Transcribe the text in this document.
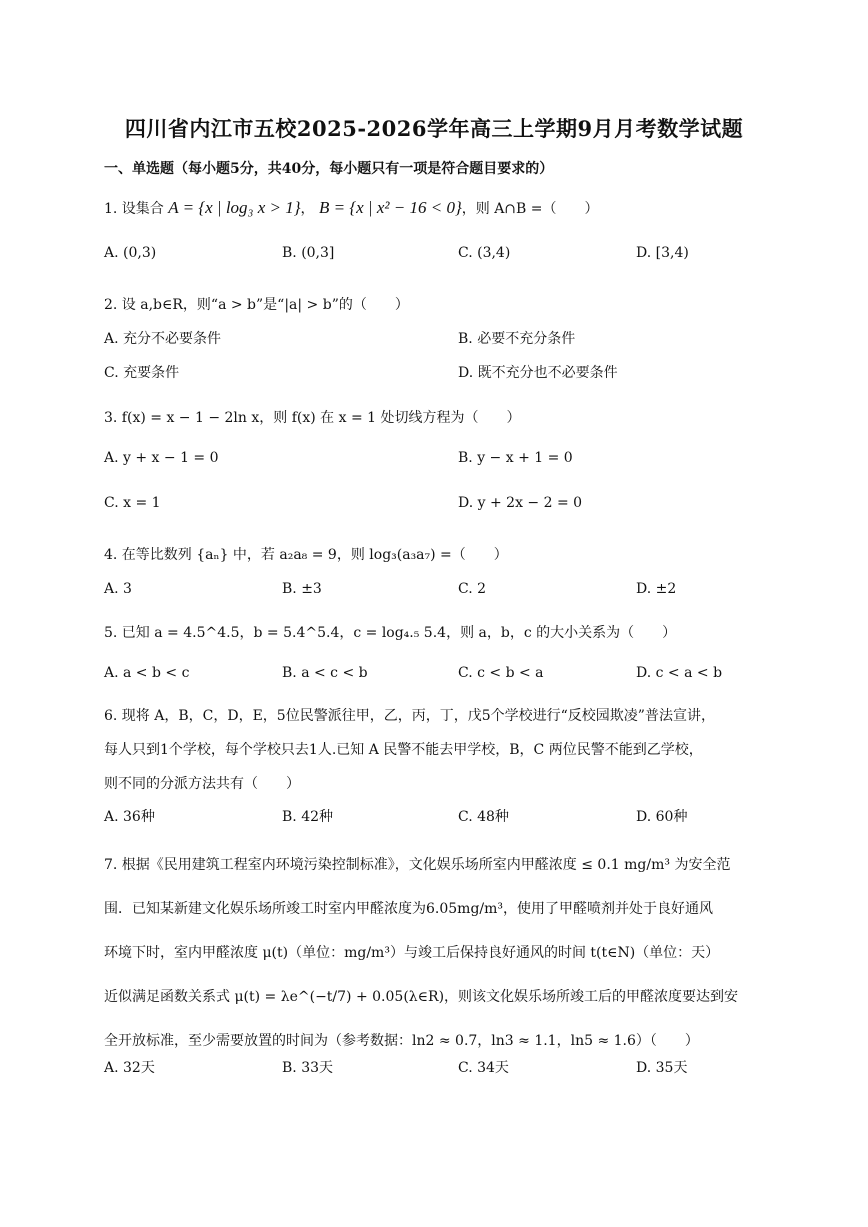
四川省内江市五校2025-2026学年高三上学期9月月考数学试题
一、单选题（每小题5分，共40分，每小题只有一项是符合题目要求的）
1. 设集合 A = {x | log₃ x > 1}， B = {x | x² − 16 < 0}，则 A∩B =（　　）
A. (0,3)	B. (0,3]	C. (3,4)	D. [3,4)
2. 设 a,b∈R，则“a > b”是“|a| > b”的（　　）
A. 充分不必要条件	B. 必要不充分条件
C. 充要条件	D. 既不充分也不必要条件
3. f(x) = x − 1 − 2ln x，则 f(x) 在 x = 1 处切线方程为（　　）
A. y + x − 1 = 0	B. y − x + 1 = 0
C. x = 1	D. y + 2x − 2 = 0
4. 在等比数列 {aₙ} 中，若 a₂a₈ = 9，则 log₃(a₃a₇) =（　　）
A. 3	B. ±3	C. 2	D. ±2
5. 已知 a = 4.5^4.5，b = 5.4^5.4，c = log₄.₅ 5.4，则 a，b，c 的大小关系为（　　）
A. a < b < c	B. a < c < b	C. c < b < a	D. c < a < b
6. 现将 A，B，C，D，E，5位民警派往甲，乙，丙，丁，戊5个学校进行“反校园欺凌”普法宣讲，
每人只到1个学校，每个学校只去1人.已知 A 民警不能去甲学校，B，C 两位民警不能到乙学校，
则不同的分派方法共有（　　）
A. 36种	B. 42种	C. 48种	D. 60种
7. 根据《民用建筑工程室内环境污染控制标准》，文化娱乐场所室内甲醛浓度 ≤ 0.1 mg/m³ 为安全范
围．已知某新建文化娱乐场所竣工时室内甲醛浓度为6.05mg/m³，使用了甲醛喷剂并处于良好通风
环境下时，室内甲醛浓度 μ(t)（单位：mg/m³）与竣工后保持良好通风的时间 t(t∈N)（单位：天）
近似满足函数关系式 μ(t) = λe^(−t/7) + 0.05(λ∈R)，则该文化娱乐场所竣工后的甲醛浓度要达到安
全开放标准，至少需要放置的时间为（参考数据：ln2 ≈ 0.7，ln3 ≈ 1.1，ln5 ≈ 1.6）（　　）
A. 32天	B. 33天	C. 34天	D. 35天
